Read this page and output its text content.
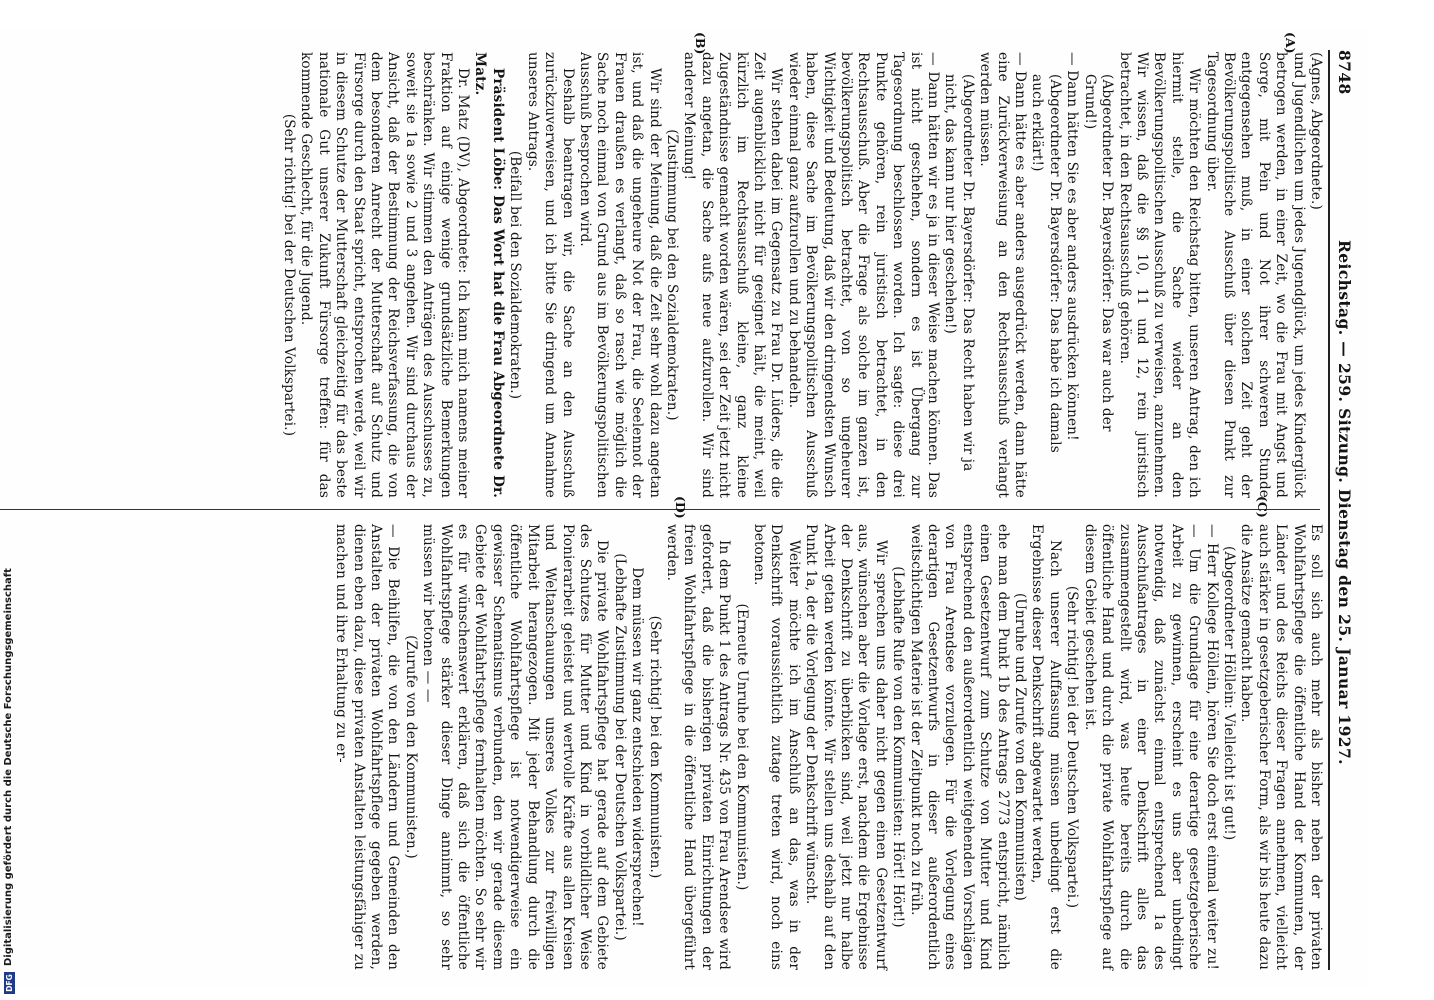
8748
Reichstag. — 259. Sitzung. Dienstag den 25. Januar 1927.
(A)
(B)
(C)
(D)

(Agnes, Abgeordnete.)

und Jugendlichen um jedes Jugendglück, um jedes Kinderglück betrogen werden, in einer Zeit, wo die Frau mit Angst und Sorge, mit Pein und Not ihrer schweren Stunde entgegensehen muß, in einer solchen Zeit geht der Bevölkerungspolitische Ausschuß über diesen Punkt zur Tagesordnung über.

Wir möchten den Reichstag bitten, unseren Antrag, den ich hiermit stelle, die Sache wieder an den Bevölkerungspolitischen Ausschuß zu verweisen, anzunehmen. Wir wissen, daß die §§ 10, 11 und 12, rein juristisch betrachtet, in den Rechtsausschuß gehören.

(Abgeordneter Dr. Bayersdörfer: Das war auch der Grund!)

— Dann hätten Sie es aber anders ausdrücken können!

(Abgeordneter Dr. Bayersdörfer: Das habe ich damals auch erklärt!)

— Dann hätte es aber anders ausgedrückt werden, dann hätte eine Zurückverweisung an den Rechtsausschuß verlangt werden müssen.

(Abgeordneter Dr. Bayersdörfer: Das Recht haben wir ja nicht, das kann nur hier geschehen!)

— Dann hätten wir es ja in dieser Weise machen können. Das ist nicht geschehen, sondern es ist Übergang zur Tagesordnung beschlossen worden. Ich sagte: diese drei Punkte gehören, rein juristisch betrachtet, in den Rechtsausschuß. Aber die Frage als solche im ganzen ist, bevölkerungspolitisch betrachtet, von so ungeheurer Wichtigkeit und Bedeutung, daß wir den dringendsten Wunsch haben, diese Sache im Bevölkerungspolitischen Ausschuß wieder einmal ganz aufzurollen und zu behandeln.

Wir stehen dabei im Gegensatz zu Frau Dr. Lüders, die die Zeit augenblicklich nicht für geeignet hält, die meint, weil kürzlich im Rechtsausschuß kleine, ganz kleine Zugeständnisse gemacht worden wären, sei der Zeit jetzt nicht dazu angetan, die Sache aufs neue aufzurollen. Wir sind anderer Meinung!

(Zustimmung bei den Sozialdemokraten.)

Wir sind der Meinung, daß die Zeit sehr wohl dazu angetan ist, und daß die ungeheure Not der Frau, die Seelennot der Frauen draußen es verlangt, daß so rasch wie möglich die Sache noch einmal von Grund aus im Bevölkerungspolitischen Ausschuß besprochen wird.

Deshalb beantragen wir, die Sache an den Ausschuß zurückzuverweisen, und ich bitte Sie dringend um Annahme unseres Antrags.

(Beifall bei den Sozialdemokraten.)

Präsident Löbe: Das Wort hat die Frau Abgeordnete Dr. Matz.

Dr. Matz (DV), Abgeordnete: Ich kann mich namens meiner Fraktion auf einige wenige grundsätzliche Bemerkungen beschränken. Wir stimmen den Anträgen des Ausschusses zu, soweit sie 1a sowie 2 und 3 angehen. Wir sind durchaus der Ansicht, daß der Bestimmung der Reichsverfassung, die von dem besonderen Anrecht der Mutterschaft auf Schutz und Fürsorge durch den Staat spricht, entsprochen werde, weil wir in diesem Schutze der Mutterschaft gleichzeitig für das beste nationale Gut unserer Zukunft Fürsorge treffen: für das kommende Geschlecht, für die Jugend.

(Sehr richtig! bei der Deutschen Volkspartei.)

Es soll sich auch mehr als bisher neben der privaten Wohlfahrtspflege die öffentliche Hand der Kommunen, der Länder und des Reichs dieser Fragen annehmen, vielleicht auch stärker in gesetzgeberischer Form, als wir bis heute dazu die Ansätze gemacht haben.

(Abgeordneter Höllein: Vielleicht ist gut!)

— Herr Kollege Höllein, hören Sie doch erst einmal weiter zu! — Um die Grundlage für eine derartige gesetzgeberische Arbeit zu gewinnen, erscheint es uns aber unbedingt notwendig, daß zunächst einmal entsprechend 1a des Ausschußantrages in einer Denkschrift alles das zusammengestellt wird, was heute bereits durch die öffentliche Hand und durch die private Wohlfahrtspflege auf diesem Gebiet geschehen ist.

(Sehr richtig! bei der Deutschen Volkspartei.)

Nach unserer Auffassung müssen unbedingt erst die Ergebnisse dieser Denkschrift abgewartet werden,

(Unruhe und Zurufe von den Kommunisten)

ehe man dem Punkt 1b des Antrags 2773 entspricht, nämlich einen Gesetzentwurf zum Schutze von Mutter und Kind entsprechend den außerordentlich weitgehenden Vorschlägen von Frau Arendsee vorzulegen. Für die Vorlegung eines derartigen Gesetzentwurfs in dieser außerordentlich weitschichtigen Materie ist der Zeitpunkt noch zu früh.

(Lebhafte Rufe von den Kommunisten: Hört! Hört!)

Wir sprechen uns daher nicht gegen einen Gesetzentwurf aus, wünschen aber die Vorlage erst, nachdem die Ergebnisse der Denkschrift zu überblicken sind, weil jetzt nur halbe Arbeit getan werden könnte. Wir stellen uns deshalb auf den Punkt 1a, der die Vorlegung der Denkschrift wünscht.

Weiter möchte ich im Anschluß an das, was in der Denkschrift voraussichtlich zutage treten wird, noch eins betonen.

(Erneute Unruhe bei den Kommunisten.)

In dem Punkt 1 des Antrags Nr. 435 von Frau Arendsee wird gefordert, daß die bisherigen privaten Einrichtungen der freien Wohlfahrtspflege in die öffentliche Hand übergeführt werden.

(Sehr richtig! bei den Kommunisten.)

Dem müssen wir ganz entschieden widersprechen!

(Lebhafte Zustimmung bei der Deutschen Volkspartei.)

Die private Wohlfahrtspflege hat gerade auf dem Gebiete des Schutzes für Mutter und Kind in vorbildlicher Weise Pionierarbeit geleistet und wertvolle Kräfte aus allen Kreisen und Weltanschauungen unseres Volkes zur freiwilligen Mitarbeit herangezogen. Mit jeder Behandlung durch die öffentliche Wohlfahrtspflege ist notwendigerweise ein gewisser Schematismus verbunden, den wir gerade diesem Gebiete der Wohlfahrtspflege fernhalten möchten. So sehr wir es für wünschenswert erklären, daß sich die öffentliche Wohlfahrtspflege stärker dieser Dinge annimmt, so sehr müssen wir betonen — —

(Zurufe von den Kommunisten.)

— Die Beihilfen, die von den Ländern und Gemeinden den Anstalten der privaten Wohlfahrtspflege gegeben werden, dienen eben dazu, diese privaten Anstalten leistungsfähiger zu machen und ihre Erhaltung zu er-

DFGDigitalisierung gefördert durch die Deutsche Forschungsgemeinschaft
